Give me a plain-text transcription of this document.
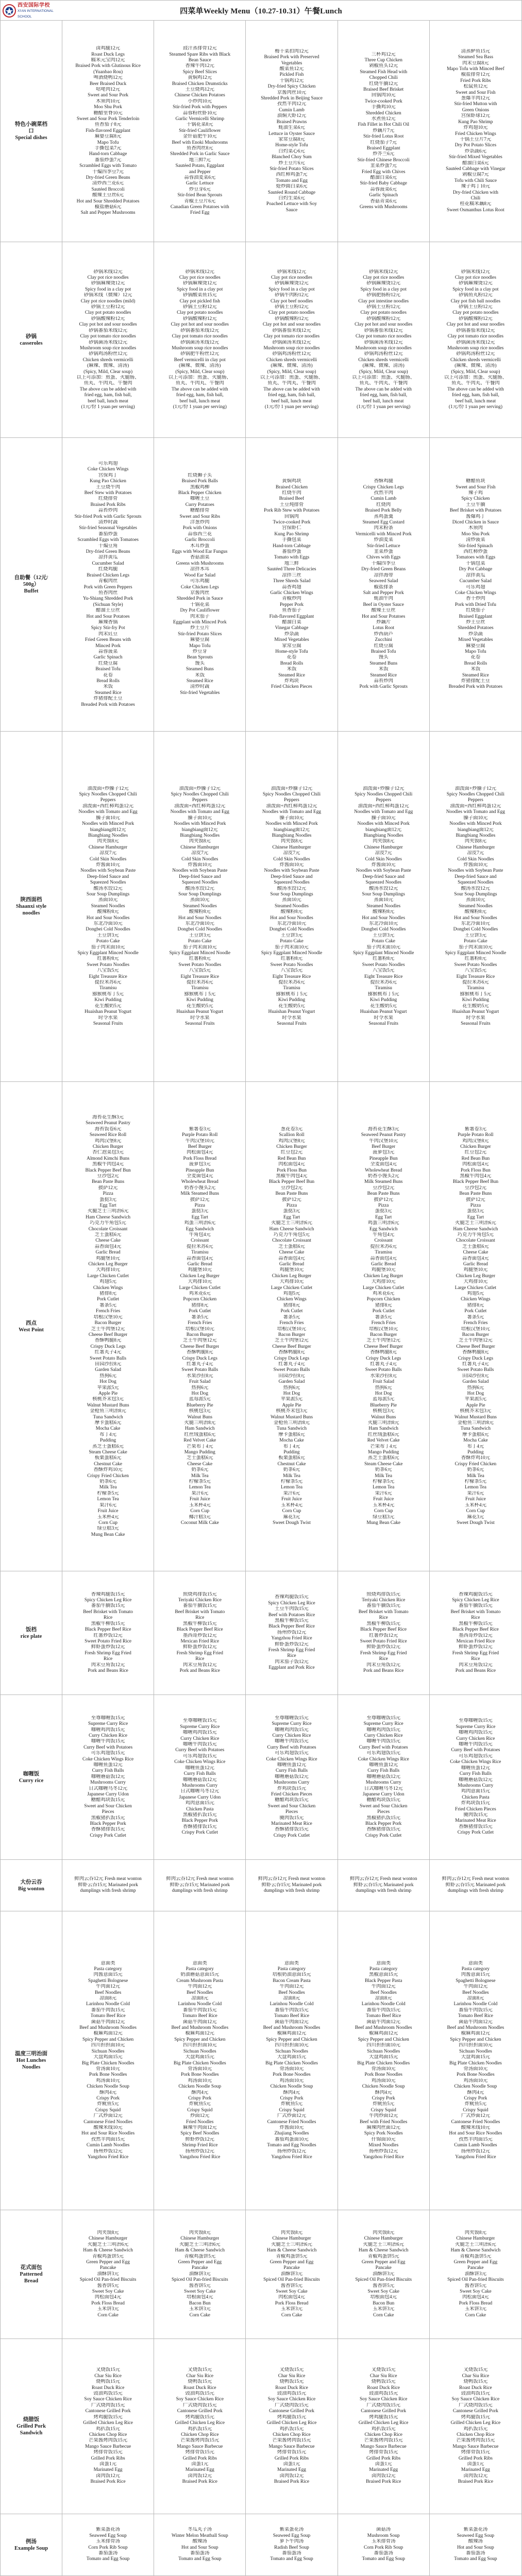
西安国际学校
XI'AN INTERNATIONAL SCHOOL
四菜单Weekly Menu（10.27-10.31）午餐Lunch
特色小碗菜档
口
Special dishes
卤鸡腿12元
Roast Duck Legs
糯米元宝肉12元
Braised Pork with Glutinous Rice
(Yuanbao Rou)
啤酒烧鸭12元
Beer Braised Duck
咕咾肉12元
Sweet and Sour Pork
木须肉10元
Moo Shu Pork
糖醋里脊10元
Sweet and Sour Pork Tenderloin
鱼香茄子8元
Fish-flavored Eggplant
麻婆豆腐8元
Mapo Tofu
手撕包菜7元
Hand-torn Cabbage
番茄炒蛋7元
Scrambled Eggs with Tomato
干煸四季豆7元
Dry-fried Green Beans
清炒西兰花6元
Sautéed Broccoli
酸辣土豆丝6元
Hot and Sour Shredded Potatoes
椒盐蘑菇6元
Salt and Pepper Mushrooms
豉汁蒸排骨12元
Steamed Spare Ribs with Black
Bean Sauce
香辣牛肉12元
Spicy Beef Slices
黄焖鸡12元
Braised Chicken Drumsticks
土豆烧鸡12元
Chinese Chicken Potatoes
小炒肉10元
Stir-fried Pork with Peppers
蒜蓉粉丝虾10元
Garlic Vermicelli Shrimp
干锅花菜8元
Stir-fried Cauliflower
金针菇肥牛10元
Beef with Enoki Mushrooms
鱼香肉丝8元
Shredded Pork in Garlic Sauce
地三鲜7元
Sautéed Potato, Eggplant
and Pepper
蒜蓉油麦菜6元
Garlic Lettuce
炒豆芽6元
Stir-fried Bean Sprouts
青椒土豆片6元
Canadian Green Potatoes with
Fried Egg
梅干菜扣肉12元
Braised Pork with Preserved
Vegetables
酸菜鱼12元
Pickled Fish
干锅鸡12元
Dry-fried Spicy Chicken
京酱肉丝10元
Shredded Pork in Beijing Sauce
孜然羊肉12元
Cumin Lamb
油焖大虾12元
Braised Prawns
蚝油生菜6元
Lettuce in Oyster Sauce
家常豆腐8元
Home-style Tofu
白灼菜心6元
Blanched Choy Sum
炒土豆片6元
Stir-fried Potato Slices
西红柿鸡蛋7元
Tomato and Egg
炝炒圆白菜6元
Sautéed Round Cabbage
白灼生菜6元
Poached Lettuce with Soy
Sauce
三杯鸡12元
Three Cup Chicken
剁椒鱼头12元
Steamed Fish Head with
Chopped Chili
红烧牛腩12元
Braised Beef Brisket
回锅肉10元
Twice-cooked Pork
手撕鸡10元
Shredded Chicken
水煮鱼12元
Fish Fillet in Hot Chili Oil
炒藕片7元
Stir-fried Lotus Root
红烧茄子7元
Braised Eggplant
炒芥兰6元
Stir-fried Chinese Broccoli
韭菜炒蛋7元
Fried Egg with Chives
醋溜白菜6元
Stir-fried Baby Cabbage
蒜蓉菠菜6元
Garlic Spinach
香菇青菜6元
Greens with Mushrooms
清蒸鲈鱼15元
Steamed Sea Bass
肉末豆腐8元
Mapo Tofu with Minced Beef
椒盐排骨12元
Fried Pork Ribs
松鼠鱼12元
Sweet and Sour Fish
葱爆羊肉12元
Stir-fried Mutton with
Green Onions
宫保虾球12元
Kung Pao Shrimp
炸鸡翅10元
Fried Chicken Wings
干锅土豆片7元
Dry Pot Potato Slices
炒杂蔬6元
Stir-fried Mixed Vegetables
醋溜白菜6元
Sautéed Cabbage with Vinegar
剁椒豆腐7元
Tofu with Chili Sauce
辣子鸡丁10元
Dry-fried Chicken with
Chili
桂花糯米藕8元
Sweet Osmanthus Lotus Root
砂锅
casseroles
砂锅米线12元
Clay pot rice noodles
砂锅麻辣烫12元
Spicy food in a clay pot
砂锅米线（微辣）12元
Clay pot rice noodles (mild)
砂锅土豆粉12元
Clay pot potato noodles
砂锅酸辣粉12元
Clay pot hot and sour noodles
砂锅番茄米线12元
Clay pot tomato rice noodles
砂锅菌汤米线12元
Mushroom soup rice noodles
砂锅鸡汤粉丝12元
Chicken shreds vermicelli
(麻辣、微辣、清汤)
(Spicy, Mild, Clear soup)
以上可添加：煎蛋、火腿肠、
鱼丸、牛肉丸、午餐肉
The above can be added with
fried egg, ham, fish ball,
beef ball, lunch meat
(1元/份 1 yuan per serving)
砂锅米线12元
Clay pot rice noodles
砂锅麻辣烫12元
Spicy food in a clay pot
砂锅酸菜鱼15元
Clay pot pickled fish
砂锅土豆粉12元
Clay pot potato noodles
砂锅酸辣粉12元
Clay pot hot and sour noodles
砂锅番茄米线12元
Clay pot tomato rice noodles
砂锅菌汤米线12元
Mushroom soup rice noodles
砂锅肥牛粉丝12元
Beef vermicelli in clay pot
(麻辣、微辣、清汤)
(Spicy, Mild, Clear soup)
以上可添加：煎蛋、火腿肠、
鱼丸、牛肉丸、午餐肉
The above can be added with
fried egg, ham, fish ball,
beef ball, lunch meat
(1元/份 1 yuan per serving)
砂锅米线12元
Clay pot rice noodles
砂锅麻辣烫12元
Spicy food in a clay pot
砂锅牛肉粉12元
Clay pot beef noodles
砂锅土豆粉12元
Clay pot potato noodles
砂锅酸辣粉12元
Clay pot hot and sour noodles
砂锅番茄米线12元
Clay pot tomato rice noodles
砂锅菌汤米线12元
Mushroom soup rice noodles
砂锅鸡汤粉丝12元
Chicken shreds vermicelli
(麻辣、微辣、清汤)
(Spicy, Mild, Clear soup)
以上可添加：煎蛋、火腿肠、
鱼丸、牛肉丸、午餐肉
The above can be added with
fried egg, ham, fish ball,
beef ball, lunch meat
(1元/份 1 yuan per serving)
砂锅米线12元
Clay pot rice noodles
砂锅麻辣烫12元
Spicy food in a clay pot
砂锅肥肠粉12元
Clay pot intestine noodles
砂锅土豆粉12元
Clay pot potato noodles
砂锅酸辣粉12元
Clay pot hot and sour noodles
砂锅番茄米线12元
Clay pot tomato rice noodles
砂锅菌汤米线12元
Mushroom soup rice noodles
砂锅鸡汤粉丝12元
Chicken shreds vermicelli
(麻辣、微辣、清汤)
(Spicy, Mild, Clear soup)
以上可添加：煎蛋、火腿肠、
鱼丸、牛肉丸、午餐肉
The above can be added with
fried egg, ham, fish ball,
beef ball, lunch meat
(1元/份 1 yuan per serving)
砂锅米线12元
Clay pot rice noodles
砂锅麻辣烫12元
Spicy food in a clay pot
砂锅鱼丸粉12元
Clay pot fish ball noodles
砂锅土豆粉12元
Clay pot potato noodles
砂锅酸辣粉12元
Clay pot hot and sour noodles
砂锅番茄米线12元
Clay pot tomato rice noodles
砂锅菌汤米线12元
Mushroom soup rice noodles
砂锅鸡汤粉丝12元
Chicken shreds vermicelli
(麻辣、微辣、清汤)
(Spicy, Mild, Clear soup)
以上可添加：煎蛋、火腿肠、
鱼丸、牛肉丸、午餐肉
The above can be added with
fried egg, ham, fish ball,
beef ball, lunch meat
(1元/份 1 yuan per serving)
自助餐（12元/
500g）
Buffet
可乐鸡翅
Coke Chicken Wings
宫保鸡丁
Kung Pao Chicken
土豆烧牛肉
Beef Stew with Potatoes
红烧排骨
Braised Pork Ribs
蒜苔炒肉
Stir-fried Pork with Garlic Sprouts
清炒时蔬
Stir-fried Seasonal Vegetables
番茄炒蛋
Scrambled Eggs with Tomatoes
干煸豆角
Dry-fried Green Beans
凉拌黄瓜
Cucumber Salad
红烧鸡腿
Braised Chicken Legs
青椒肉丝
Pork with Green Peppers
鱼香肉丝
Yu-Shiang Shredded Pork
(Sichuan Style)
醋溜土豆丝
Hot and Sour Potatoes
麻辣香锅
Spicy Stir-fry Pot
肉末豇豆
Fried Green Beans with
Minced Pork
蒜蓉菠菜
Garlic Spinach
红烧豆腐
Braised Tofu
花卷
Bread Rolls
米饭
Steamed Rice
炸猪排配土豆
Breaded Pork with Potatoes
红烧狮子头
Braised Pork Balls
黑椒鸡柳
Black Pepper Chicken
咖喱土豆
Curry Potatoes
糖醋排骨
Sweet and Sour Ribs
洋葱炒肉
Pork with Onions
蒜蓉西兰花
Garlic Broccoli
木耳炒蛋
Eggs with Wood Ear Fungus
香菇油菜
Greens with Mushrooms
凉拌木耳
Wood Ear Salad
可乐鸡腿
Coke Chicken Legs
京酱肉丝
Shredded Pork in Sauce
干锅花菜
Dry Pot Cauliflower
肉末茄子
Eggplant with Minced Pork
炒土豆片
Stir-fried Potato Slices
麻婆豆腐
Mapo Tofu
炒豆芽
Bean Sprouts
馒头
Steamed Buns
米饭
Steamed Rice
清炒时蔬
Stir-fried Vegetables
黄焖鸡块
Braised Chicken
红烧牛肉
Braised Beef
土豆炖排骨
Pork Rib Stew with Potatoes
回锅肉
Twice-cooked Pork
宫保虾仁
Kung Pao Shrimp
手撕包菜
Hand-torn Cabbage
番茄炒蛋
Tomato with Eggs
地三鲜
Sautéed Three Delicacies
凉拌三丝
Three Shreds Salad
蒜香鸡翅
Garlic Chicken Wings
青椒炒肉
Pepper Pork
鱼香茄子
Fish-flavored Eggplant
醋溜白菜
Vinegar Cabbage
炒杂蔬
Mixed Vegetables
家常豆腐
Home-style Tofu
花卷
Bread Rolls
米饭
Steamed Rice
炸鸡块
Fried Chicken Pieces
香酥鸡腿
Crispy Chicken Legs
孜然羊肉
Cumin Lamb
红烧肉
Braised Pork Belly
蒸鸡蛋羹
Steamed Egg Custard
肉末粉条
Vermicelli with Minced Pork
炒油麦菜
Stir-fried Lettuce
韭菜炒蛋
Chives with Eggs
干煸四季豆
Dry-fried Green Beans
凉拌海带
Seaweed Salad
椒盐排条
Salt and Pepper Pork
蚝油牛肉
Beef in Oyster Sauce
酸辣土豆丝
Hot and Sour Potatoes
炒藕片
Lotus Root
炒西葫芦
Zucchini
红烧豆腐
Braised Tofu
馒头
Steamed Buns
米饭
Steamed Rice
蒜苔炒肉
Pork with Garlic Sprouts
糖醋鱼块
Sweet and Sour Fish
辣子鸡
Spicy Chicken
土豆牛腩
Beef Brisket with Potatoes
酱爆鸡丁
Diced Chicken in Sauce
木须肉
Moo Shu Pork
清炒菠菜
Stir-fried Spinach
西红柿炒蛋
Tomatoes with Eggs
干锅包菜
Dry Pot Cabbage
凉拌黄瓜
Cucumber Salad
可乐鸡翅
Coke Chicken Wings
香干炒肉
Pork with Dried Tofu
红烧茄子
Braised Eggplant
炒土豆丝
Shredded Potatoes
炒杂蔬
Mixed Vegetables
麻婆豆腐
Mapo Tofu
花卷
Bread Rolls
米饭
Steamed Rice
炸猪排配土豆
Breaded Pork with Potatoes
陕西面档
Shaanxi style
noodles
油泼面+炒臊子12元
Spicy Noodles Chopped Chili
Peppers
油泼面+西红柿鸡蛋12元
Noodles with Tomato and Egg
臊子面10元
Noodles with Minced Pork
biangbiang面12元
Biangbiang Noodles
肉夹馍8元
Chinese Hamburger
凉皮7元
Cold Skin Noodles
炸酱面10元
Noodles with Soybean Paste
Deep-fried Sauce and
Squeezed Noodles
酸汤水饺12元
Sour Soup Dumplings
蒸面10元
Steamed Noodles
酸辣粉8元
Hot and Sour Noodles
东北冷面10元
Dongbei Cold Noodles
土豆饼3元
Potato Cake
茄子肉末面10元
Spicy Eggplant Minced Noodle
红薯粉8元
Sweet Potato Noodles
八宝饭5元
Eight Treasure Rice
提拉米苏6元
Tiramisu
猕猴桃布丁5元
Kiwi Pudding
花生酸奶5元
Huaishan Peanut Yogurt
时令水果
Seasonal Fruits
油泼面+炒臊子12元
Spicy Noodles Chopped Chili
Peppers
油泼面+西红柿鸡蛋12元
Noodles with Tomato and Egg
臊子面10元
Noodles with Minced Pork
biangbiang面12元
Biangbiang Noodles
肉夹馍8元
Chinese Hamburger
凉皮7元
Cold Skin Noodles
炸酱面10元
Noodles with Soybean Paste
Deep-fried Sauce and
Squeezed Noodles
酸汤水饺12元
Sour Soup Dumplings
蒸面10元
Steamed Noodles
酸辣粉8元
Hot and Sour Noodles
东北冷面10元
Dongbei Cold Noodles
土豆饼3元
Potato Cake
茄子肉末面10元
Spicy Eggplant Minced Noodle
红薯粉8元
Sweet Potato Noodles
八宝饭5元
Eight Treasure Rice
提拉米苏6元
Tiramisu
猕猴桃布丁5元
Kiwi Pudding
花生酸奶5元
Huaishan Peanut Yogurt
时令水果
Seasonal Fruits
油泼面+炒臊子12元
Spicy Noodles Chopped Chili
Peppers
油泼面+西红柿鸡蛋12元
Noodles with Tomato and Egg
臊子面10元
Noodles with Minced Pork
biangbiang面12元
Biangbiang Noodles
肉夹馍8元
Chinese Hamburger
凉皮7元
Cold Skin Noodles
炸酱面10元
Noodles with Soybean Paste
Deep-fried Sauce and
Squeezed Noodles
酸汤水饺12元
Sour Soup Dumplings
蒸面10元
Steamed Noodles
酸辣粉8元
Hot and Sour Noodles
东北冷面10元
Dongbei Cold Noodles
土豆饼3元
Potato Cake
茄子肉末面10元
Spicy Eggplant Minced Noodle
红薯粉8元
Sweet Potato Noodles
八宝饭5元
Eight Treasure Rice
提拉米苏6元
Tiramisu
猕猴桃布丁5元
Kiwi Pudding
花生酸奶5元
Huaishan Peanut Yogurt
时令水果
Seasonal Fruits
油泼面+炒臊子12元
Spicy Noodles Chopped Chili
Peppers
油泼面+西红柿鸡蛋12元
Noodles with Tomato and Egg
臊子面10元
Noodles with Minced Pork
biangbiang面12元
Biangbiang Noodles
肉夹馍8元
Chinese Hamburger
凉皮7元
Cold Skin Noodles
炸酱面10元
Noodles with Soybean Paste
Deep-fried Sauce and
Squeezed Noodles
酸汤水饺12元
Sour Soup Dumplings
蒸面10元
Steamed Noodles
酸辣粉8元
Hot and Sour Noodles
东北冷面10元
Dongbei Cold Noodles
土豆饼3元
Potato Cake
茄子肉末面10元
Spicy Eggplant Minced Noodle
红薯粉8元
Sweet Potato Noodles
八宝饭5元
Eight Treasure Rice
提拉米苏6元
Tiramisu
猕猴桃布丁5元
Kiwi Pudding
花生酸奶5元
Huaishan Peanut Yogurt
时令水果
Seasonal Fruits
油泼面+炒臊子12元
Spicy Noodles Chopped Chili
Peppers
油泼面+西红柿鸡蛋12元
Noodles with Tomato and Egg
臊子面10元
Noodles with Minced Pork
biangbiang面12元
Biangbiang Noodles
肉夹馍8元
Chinese Hamburger
凉皮7元
Cold Skin Noodles
炸酱面10元
Noodles with Soybean Paste
Deep-fried Sauce and
Squeezed Noodles
酸汤水饺12元
Sour Soup Dumplings
蒸面10元
Steamed Noodles
酸辣粉8元
Hot and Sour Noodles
东北冷面10元
Dongbei Cold Noodles
土豆饼3元
Potato Cake
茄子肉末面10元
Spicy Eggplant Minced Noodle
红薯粉8元
Sweet Potato Noodles
八宝饭5元
Eight Treasure Rice
提拉米苏6元
Tiramisu
猕猴桃布丁5元
Kiwi Pudding
花生酸奶5元
Huaishan Peanut Yogurt
时令水果
Seasonal Fruits
西点
West Point
海苔花生酥3元
Seaweed Peanut Pastry
海苔饭卷6元
Seaweed Rice Roll
鸡肉汉堡8元
Chicken Burger
杏仁泡菜包3元
Almond Kimchi Buns
黑椒牛肉包4元
Black Pepper Beef Bun
豆沙包2元
Bean Paste Buns
披萨12元
Pizza
蛋挞3元
Egg Tart
火腿芝士三明治6元
Ham Cheese Sandwich
巧克力牛角包5元
Chocolate Croissant
芝士蛋糕6元
Cheese Cake
蒜香面包4元
Garlic Bread
鸡腿堡10元
Chicken Leg Burger
大鸡排10元
Large Chicken Cutlet
鸡翅5元
Chicken Wings
猪排8元
Pork Cutlet
薯条5元
French Fries
培根汉堡10元
Bacon Burger
芝士牛肉堡12元
Cheese Beef Burger
香酥鸭腿8元
Crispy Duck Legs
红薯丸子4元
Sweet Potato Balls
田园沙拉8元
Garden Salad
热狗6元
Hot Dog
苹果派5元
Apple Pie
核桃芥末包3元
Walnut Mustard Buns
金枪鱼三明治8元
Tuna Sandwich
摩卡蛋糕6元
Mocha Cake
布丁4元
Pudding
蒸芝士蛋糕6元
Steam Cheese Cake
板栗蛋糕6元
Chestnut Cake
香酥炸鸡10元
Crispy Fried Chicken
奶茶6元
Milk Tea
柠檬茶5元
Lemon Tea
果汁6元
Fruit Juice
玉米杯4元
Corn Cup
绿豆糕3元
Mung Bean Cake
紫薯卷3元
Purple Potato Roll
牛肉汉堡10元
Beef Burger
肉松面包4元
Pork Floss Bread
菠萝包3元
Pineapple Bun
全麦面包4元
Wholewheat Bread
奶香小馒头2元
Milk Steamed Buns
披萨12元
Pizza
蛋挞3元
Egg Tart
鸡蛋三明治6元
Egg Sandwich
牛角包4元
Croissant
提拉米苏6元
Tiramisu
蒜香面包4元
Garlic Bread
鸡腿堡10元
Chicken Leg Burger
大鸡排10元
Large Chicken Cutlet
鸡米花6元
Popcorn Chicken
猪排8元
Pork Cutlet
薯条5元
French Fries
培根汉堡10元
Bacon Burger
芝士牛肉堡12元
Cheese Beef Burger
香酥鸭腿8元
Crispy Duck Legs
红薯丸子4元
Sweet Potato Balls
水果沙拉8元
Fruit Salad
热狗6元
Hot Dog
蓝莓派5元
Blueberry Pie
核桃包3元
Walnut Buns
火腿三明治8元
Ham Sandwich
红丝绒蛋糕6元
Red Velvet Cake
芒果布丁4元
Mango Pudding
芝士蛋糕6元
Cheese Cake
奶茶6元
Milk Tea
柠檬茶5元
Lemon Tea
果汁6元
Fruit Juice
玉米杯4元
Corn Cup
椰汁糕3元
Coconut Milk Cake
葱花卷3元
Scallion Roll
鸡肉汉堡8元
Chicken Burger
红豆包2元
Red Bean Bun
肉松面包4元
Pork Floss Bun
黑椒牛肉包4元
Black Pepper Beef Bun
豆沙包2元
Bean Paste Buns
披萨12元
Pizza
蛋挞3元
Egg Tart
火腿芝士三明治6元
Ham Cheese Sandwich
巧克力牛角包5元
Chocolate Croissant
芝士蛋糕6元
Cheese Cake
蒜香面包4元
Garlic Bread
鸡腿堡10元
Chicken Leg Burger
大鸡排10元
Large Chicken Cutlet
鸡翅5元
Chicken Wings
猪排8元
Pork Cutlet
薯条5元
French Fries
培根汉堡10元
Bacon Burger
芝士牛肉堡12元
Cheese Beef Burger
香酥鸭腿8元
Crispy Duck Legs
红薯丸子4元
Sweet Potato Balls
田园沙拉8元
Garden Salad
热狗6元
Hot Dog
苹果派5元
Apple Pie
核桃芥末包3元
Walnut Mustard Buns
金枪鱼三明治8元
Tuna Sandwich
摩卡蛋糕6元
Mocha Cake
布丁4元
Pudding
板栗蛋糕6元
Chestnut Cake
奶茶6元
Milk Tea
柠檬茶5元
Lemon Tea
果汁6元
Fruit Juice
玉米杯4元
Corn Cup
麻花3元
Sweet Dough Twist
海苔花生酥3元
Seaweed Peanut Pastry
牛肉汉堡10元
Beef Burger
菠萝包3元
Pineapple Bun
全麦面包4元
Wholewheat Bread
奶香小馒头2元
Milk Steamed Buns
豆沙包2元
Bean Paste Buns
披萨12元
Pizza
蛋挞3元
Egg Tart
鸡蛋三明治6元
Egg Sandwich
牛角包4元
Croissant
提拉米苏6元
Tiramisu
蒜香面包4元
Garlic Bread
鸡腿堡10元
Chicken Leg Burger
大鸡排10元
Large Chicken Cutlet
鸡米花6元
Popcorn Chicken
猪排8元
Pork Cutlet
薯条5元
French Fries
培根汉堡10元
Bacon Burger
芝士牛肉堡12元
Cheese Beef Burger
香酥鸭腿8元
Crispy Duck Legs
红薯丸子4元
Sweet Potato Balls
水果沙拉8元
Fruit Salad
热狗6元
Hot Dog
蓝莓派5元
Blueberry Pie
核桃包3元
Walnut Buns
火腿三明治8元
Ham Sandwich
红丝绒蛋糕6元
Red Velvet Cake
芒果布丁4元
Mango Pudding
蒸芝士蛋糕6元
Steam Cheese Cake
奶茶6元
Milk Tea
柠檬茶5元
Lemon Tea
果汁6元
Fruit Juice
玉米杯4元
Corn Cup
绿豆糕3元
Mung Bean Cake
紫薯卷3元
Purple Potato Roll
鸡肉汉堡8元
Chicken Burger
红豆包2元
Red Bean Bun
肉松面包4元
Pork Floss Bun
黑椒牛肉包4元
Black Pepper Beef Bun
豆沙包2元
Bean Paste Buns
披萨12元
Pizza
蛋挞3元
Egg Tart
火腿芝士三明治6元
Ham Cheese Sandwich
巧克力牛角包5元
Chocolate Croissant
芝士蛋糕6元
Cheese Cake
蒜香面包4元
Garlic Bread
鸡腿堡10元
Chicken Leg Burger
大鸡排10元
Large Chicken Cutlet
鸡翅5元
Chicken Wings
猪排8元
Pork Cutlet
薯条5元
French Fries
培根汉堡10元
Bacon Burger
芝士牛肉堡12元
Cheese Beef Burger
香酥鸭腿8元
Crispy Duck Legs
红薯丸子4元
Sweet Potato Balls
田园沙拉8元
Garden Salad
热狗6元
Hot Dog
苹果派5元
Apple Pie
核桃芥末包3元
Walnut Mustard Buns
金枪鱼三明治8元
Tuna Sandwich
摩卡蛋糕6元
Mocha Cake
布丁4元
Pudding
香酥炸鸡10元
Crispy Fried Chicken
奶茶6元
Milk Tea
柠檬茶5元
Lemon Tea
果汁6元
Fruit Juice
玉米杯4元
Corn Cup
麻花3元
Sweet Dough Twist
饭档
rice plate
香辣鸡腿饭15元
Spicy Chicken Leg Rice
番茄牛腩饭15元
Beef Brisket with Tomato
Rice
黑椒牛柳饭15元
Black Pepper Beef Rice
红薯炒饭12元
Sweet Potato Fried Rice
鲜虾蛋炒饭12元
Fresh Shrimp Egg Fried
Rice
肉末豆角饭12元
Pork and Beans Rice
照烧鸡排饭15元
Teriyaki Chicken Rice
番茄牛腩饭15元
Beef Brisket with Tomato
Rice
黑椒牛柳饭15元
Black Pepper Beef Rice
墨西哥炒饭12元
Mexican Fried Rice
鲜虾蛋炒饭12元
Fresh Shrimp Egg Fried
Rice
肉末豆角饭12元
Pork and Beans Rice
香辣鸡腿饭15元
Spicy Chicken Leg Rice
土豆牛肉饭15元
Beef with Potatoes Rice
黑椒牛柳饭15元
Black Pepper Beef Rice
扬州炒饭12元
Yangzhou Fried Rice
鲜虾蛋炒饭12元
Fresh Shrimp Egg Fried
Rice
肉末茄子饭12元
Eggplant and Pork Rice
照烧鸡排饭15元
Teriyaki Chicken Rice
番茄牛腩饭15元
Beef Brisket with Tomato
Rice
黑椒牛柳饭15元
Black Pepper Beef Rice
红薯炒饭12元
Sweet Potato Fried Rice
鲜虾蛋炒饭12元
Fresh Shrimp Egg Fried
Rice
肉末豆角饭12元
Pork and Beans Rice
香辣鸡腿饭15元
Spicy Chicken Leg Rice
番茄牛腩饭15元
Beef Brisket with Tomato
Rice
黑椒牛柳饭15元
Black Pepper Beef Rice
墨西哥炒饭12元
Mexican Fried Rice
鲜虾蛋炒饭12元
Fresh Shrimp Egg Fried
Rice
肉末豆角饭12元
Pork and Beans Rice
咖喱饭
Curry rice
至尊咖喱饭15元
Supreme Curry Rice
咖喱鸡肉饭15元
Curry Chicken Rice
咖喱牛肉饭15元
Curry Beef with Potatoes
可乐鸡翅饭15元
Coke Chicken Wings Rice
咖喱鱼蛋12元
Curry Fish Balls
咖喱蘑菇饭12元
Mushrooms Curry
日式咖喱乌冬12元
Japanese Curry Udon
糖醋鸡块饭15元
Sweet and Sour Chicken
Pieces
黑椒猪扒饭15元
Black Pepper Pork
香酥猪排饭15元
Crispy Pork Cutlet
至尊咖喱饭15元
Supreme Curry Rice
咖喱鸡肉饭15元
Curry Chicken Rice
咖喱牛肉饭15元
Curry Beef with Potatoes
可乐鸡翅饭15元
Coke Chicken Wings Rice
咖喱鱼蛋12元
Curry Fish Balls
咖喱蘑菇饭12元
Mushrooms Curry
日式咖喱乌冬12元
Japanese Curry Udon
鸡肉意面15元
Chicken Pasta
黑椒猪扒饭15元
Black Pepper Pork
香酥猪排饭15元
Crispy Pork Cutlet
至尊咖喱饭15元
Supreme Curry Rice
咖喱鸡肉饭15元
Curry Chicken Rice
咖喱牛肉饭15元
Curry Beef with Potatoes
可乐鸡翅饭15元
Coke Chicken Wings Rice
咖喱鱼蛋12元
Curry Fish Balls
咖喱蘑菇饭12元
Mushrooms Curry
炸鸡块饭15元
Fried Chicken Pieces
糖醋鸡块饭15元
Sweet and Sour Chicken
Pieces
腌肉饭15元
Marinated Meat Rice
香酥猪排饭15元
Crispy Pork Cutlet
至尊咖喱饭15元
Supreme Curry Rice
咖喱鸡肉饭15元
Curry Chicken Rice
咖喱牛肉饭15元
Curry Beef with Potatoes
可乐鸡翅饭15元
Coke Chicken Wings Rice
咖喱鱼蛋12元
Curry Fish Balls
咖喱蘑菇饭12元
Mushrooms Curry
日式咖喱乌冬12元
Japanese Curry Udon
糖醋鸡块饭15元
Sweet and Sour Chicken
Pieces
黑椒猪扒饭15元
Black Pepper Pork
香酥猪排饭15元
Crispy Pork Cutlet
至尊咖喱饭15元
Supreme Curry Rice
咖喱鸡肉饭15元
Curry Chicken Rice
咖喱牛肉饭15元
Curry Beef with Potatoes
可乐鸡翅饭15元
Coke Chicken Wings Rice
咖喱鱼蛋12元
Curry Fish Balls
咖喱蘑菇饭12元
Mushrooms Curry
鸡肉意面15元
Chicken Pasta
炸鸡块饭15元
Fried Chicken Pieces
腌肉饭15元
Marinated Meat Rice
香酥猪排饭15元
Crispy Pork Cutlet
大份云吞
Big wonton
鲜肉云吞12元 Fresh meat wonton
鲜虾云吞15元 Marinated pork
dumplings with fresh shrimp
鲜肉云吞12元 Fresh meat wonton
鲜虾云吞15元 Marinated pork
dumplings with fresh shrimp
鲜肉云吞12元 Fresh meat wonton
鲜虾云吞15元 Marinated pork
dumplings with fresh shrimp
鲜肉云吞12元 Fresh meat wonton
鲜虾云吞15元 Marinated pork
dumplings with fresh shrimp
鲜肉云吞12元 Fresh meat wonton
鲜虾云吞15元 Marinated pork
dumplings with fresh shrimp
温度三明治面
Hot Lunches
Noodles
意面类
Pasta category
肉酱意面15元
Spaghetti Bolognese
牛肉面12元
Beef Noodles
凉面8元
Larinhou Noodle Cold
番茄牛肉饭15元
Tomato Beef Rice
菌菇牛肉面12元
Beef and Mushroom Noodles
椒麻鸡面12元
Spicy Pepper and Chicken
四川担担面10元
Sichuan Noodles
大盘鸡面15元
Big Plate Chicken Noodles
骨汤面10元
Pork Bone Noodles
鸡汤面10元
Chicken Noodle Soup
酥肉4元
Crispy Pork
炸鱿鱼5元
Crispy Squid
广式炒面12元
Cantonese Fried Noodles
酸辣米线10元
Hot and Sour Rice Noodles
孜然羊肉面15元
Cumin Lamb Noodles
扬州炒饭12元
Yangzhou Fried Rice
意面类
Pasta category
奶油蘑菇意面15元
Cream Mushroom Pasta
牛肉面12元
Beef Noodles
凉面8元
Larinhou Noodle Cold
番茄牛肉饭15元
Tomato Beef Rice
菌菇牛肉面12元
Beef and Mushroom Noodles
椒麻鸡面12元
Spicy Pepper and Chicken
四川担担面10元
Sichuan Noodles
大盘鸡面15元
Big Plate Chicken Noodles
骨汤面10元
Pork Bone Noodles
鸡汤面10元
Chicken Noodle Soup
酥肉4元
Crispy Pork
炸鱿鱼5元
Crispy Squid
炒面12元
Fried Noodles
麻辣牛肉面12元
Spicy Beef Noodles
鲜虾炒饭12元
Shrimp Fried Rice
扬州炒饭12元
Yangzhou Fried Rice
意面类
Pasta category
培根奶油意面15元
Bacon Cream Pasta
牛肉面12元
Beef Noodles
凉面8元
Larinhou Noodle Cold
番茄牛肉饭15元
Tomato Beef Rice
菌菇牛肉面12元
Beef and Mushroom Noodles
椒麻鸡面12元
Spicy Pepper and Chicken
四川担担面10元
Sichuan Noodles
大盘鸡面15元
Big Plate Chicken Noodles
骨汤面10元
Pork Bone Noodles
鸡汤面10元
Chicken Noodle Soup
酥肉4元
Crispy Pork
炸鱿鱼5元
Crispy Squid
广式炒面12元
Cantonese Fried Noodles
炸酱面10元
Zhajiang Noodles
番茄鸡蛋面10元
Tomato and Egg Noodles
扬州炒饭12元
Yangzhou Fried Rice
意面类
Pasta category
黑椒意面15元
Black Pepper Pasta
牛肉面12元
Beef Noodles
凉面8元
Larinhou Noodle Cold
番茄牛肉饭15元
Tomato Beef Rice
菌菇牛肉面12元
Beef and Mushroom Noodles
椒麻鸡面12元
Spicy Pepper and Chicken
四川担担面10元
Sichuan Noodles
大盘鸡面15元
Big Plate Chicken Noodles
骨汤面10元
Pork Bone Noodles
鸡汤面10元
Chicken Noodle Soup
酥肉4元
Crispy Pork
炸鱿鱼5元
Crispy Squid
牛肉炒面12元
Beef with Fried Noodles
麻辣肉丝面12元
Spicy Pork Noodles
什锦面10元
Mixed Noodles
扬州炒饭12元
Yangzhou Fried Rice
意面类
Pasta category
肉酱意面15元
Spaghetti Bolognese
牛肉面12元
Beef Noodles
凉面8元
Larinhou Noodle Cold
番茄牛肉饭15元
Tomato Beef Rice
菌菇牛肉面12元
Beef and Mushroom Noodles
椒麻鸡面12元
Spicy Pepper and Chicken
四川担担面10元
Sichuan Noodles
大盘鸡面15元
Big Plate Chicken Noodles
骨汤面10元
Pork Bone Noodles
鸡汤面10元
Chicken Noodle Soup
酥肉4元
Crispy Pork
炸鱿鱼5元
Crispy Squid
广式炒面12元
Cantonese Fried Noodles
酸辣米线10元
Hot and Sour Rice Noodles
孜然羊肉面15元
Cumin Lamb Noodles
扬州炒饭12元
Yangzhou Fried Rice
花式面包
Patterned
Bread
肉夹馍8元
Chinese Hamburger
火腿芝士三明治6元
Ham & Cheese Sandwich
青椒鸡蛋饼5元
Green Pepper and Egg
Pancake
油酥饼3元
Spiced Oil Pan-fried Biscuits
酱香饼5元
Sweet Soy Cake
肉松面包4元
Pork Floss Bread
玉米饼3元
Corn Cake
肉夹馍8元
Chinese Hamburger
火腿芝士三明治6元
Ham & Cheese Sandwich
青椒鸡蛋饼5元
Green Pepper and Egg
Pancake
油酥饼3元
Spiced Oil Pan-fried Biscuits
酱香饼5元
Sweet Soy Cake
培根面包4元
Bacon Bun
玉米饼3元
Corn Cake
肉夹馍8元
Chinese Hamburger
火腿芝士三明治6元
Ham & Cheese Sandwich
青椒鸡蛋饼5元
Green Pepper and Egg
Pancake
油酥饼3元
Spiced Oil Pan-fried Biscuits
酱香饼5元
Sweet Soy Cake
肉松面包4元
Pork Floss Bread
玉米饼3元
Corn Cake
肉夹馍8元
Chinese Hamburger
火腿芝士三明治6元
Ham & Cheese Sandwich
青椒鸡蛋饼5元
Green Pepper and Egg
Pancake
油酥饼3元
Spiced Oil Pan-fried Biscuits
酱香饼5元
Sweet Soy Cake
培根面包4元
Bacon Bun
玉米饼3元
Corn Cake
肉夹馍8元
Chinese Hamburger
火腿芝士三明治6元
Ham & Cheese Sandwich
青椒鸡蛋饼5元
Green Pepper and Egg
Pancake
油酥饼3元
Spiced Oil Pan-fried Biscuits
酱香饼5元
Sweet Soy Cake
肉松面包4元
Pork Floss Bread
玉米饼3元
Corn Cake
烧腊饭
Grilled Pork
Sandwich
叉烧饭15元
Char Siu Rice
烧鸭饭15元
Roast Duck Rice
豉油鸡饭15元
Soy Sauce Chicken Rice
广式烧肉饭15元
Cantonese Grilled Pork
烤鸡腿饭15元
Grilled Chicken Leg Rice
鸡扒饭15元
Chicken Chop Rice
芒果酱烤肉饭15元
Mango Sauce Barbecue
烤排骨饭15元
Grilled Pork Ribs
卤蛋1元
Marinated Egg
卤肉饭12元
Braised Pork Rice
叉烧饭15元
Char Siu Rice
烧鸭饭15元
Roast Duck Rice
豉油鸡饭15元
Soy Sauce Chicken Rice
广式烧肉饭15元
Cantonese Grilled Pork
烤鸡腿饭15元
Grilled Chicken Leg Rice
鸡扒饭15元
Chicken Chop Rice
芒果酱烤肉饭15元
Mango Sauce Barbecue
烤排骨饭15元
Grilled Pork Ribs
卤蛋1元
Marinated Egg
卤肉饭12元
Braised Pork Rice
叉烧饭15元
Char Siu Rice
烧鸭饭15元
Roast Duck Rice
豉油鸡饭15元
Soy Sauce Chicken Rice
广式烧肉饭15元
Cantonese Grilled Pork
烤鸡腿饭15元
Grilled Chicken Leg Rice
鸡扒饭15元
Chicken Chop Rice
芒果酱烤肉饭15元
Mango Sauce Barbecue
烤排骨饭15元
Grilled Pork Ribs
卤蛋1元
Marinated Egg
卤肉饭12元
Braised Pork Rice
叉烧饭15元
Char Siu Rice
烧鸭饭15元
Roast Duck Rice
豉油鸡饭15元
Soy Sauce Chicken Rice
广式烧肉饭15元
Cantonese Grilled Pork
烤鸡腿饭15元
Grilled Chicken Leg Rice
鸡扒饭15元
Chicken Chop Rice
芒果酱烤肉饭15元
Mango Sauce Barbecue
烤排骨饭15元
Grilled Pork Ribs
卤蛋1元
Marinated Egg
卤肉饭12元
Braised Pork Rice
叉烧饭15元
Char Siu Rice
烧鸭饭15元
Roast Duck Rice
豉油鸡饭15元
Soy Sauce Chicken Rice
广式烧肉饭15元
Cantonese Grilled Pork
烤鸡腿饭15元
Grilled Chicken Leg Rice
鸡扒饭15元
Chicken Chop Rice
芒果酱烤肉饭15元
Mango Sauce Barbecue
烤排骨饭15元
Grilled Pork Ribs
卤蛋1元
Marinated Egg
卤肉饭12元
Braised Pork Rice
例汤
Example Soup
紫菜蛋花汤
Seaweed Egg Soup
玉米排骨汤
Corn Pork Rib Soup
番茄蛋汤
Tomato and Egg Soup
冬瓜丸子汤
Winter Melon Meatball Soup
酸辣汤
Hot and Sour Soup
番茄蛋汤
Tomato and Egg Soup
紫菜蛋花汤
Seaweed Egg Soup
萝卜牛肉汤
Radish Beef Soup
番茄蛋汤
Tomato and Egg Soup
菌菇汤
Mushroom Soup
玉米排骨汤
Corn Pork Rib Soup
番茄蛋汤
Tomato and Egg Soup
紫菜蛋花汤
Seaweed Egg Soup
酸辣汤
Hot and Sour Soup
番茄蛋汤
Tomato and Egg Soup
